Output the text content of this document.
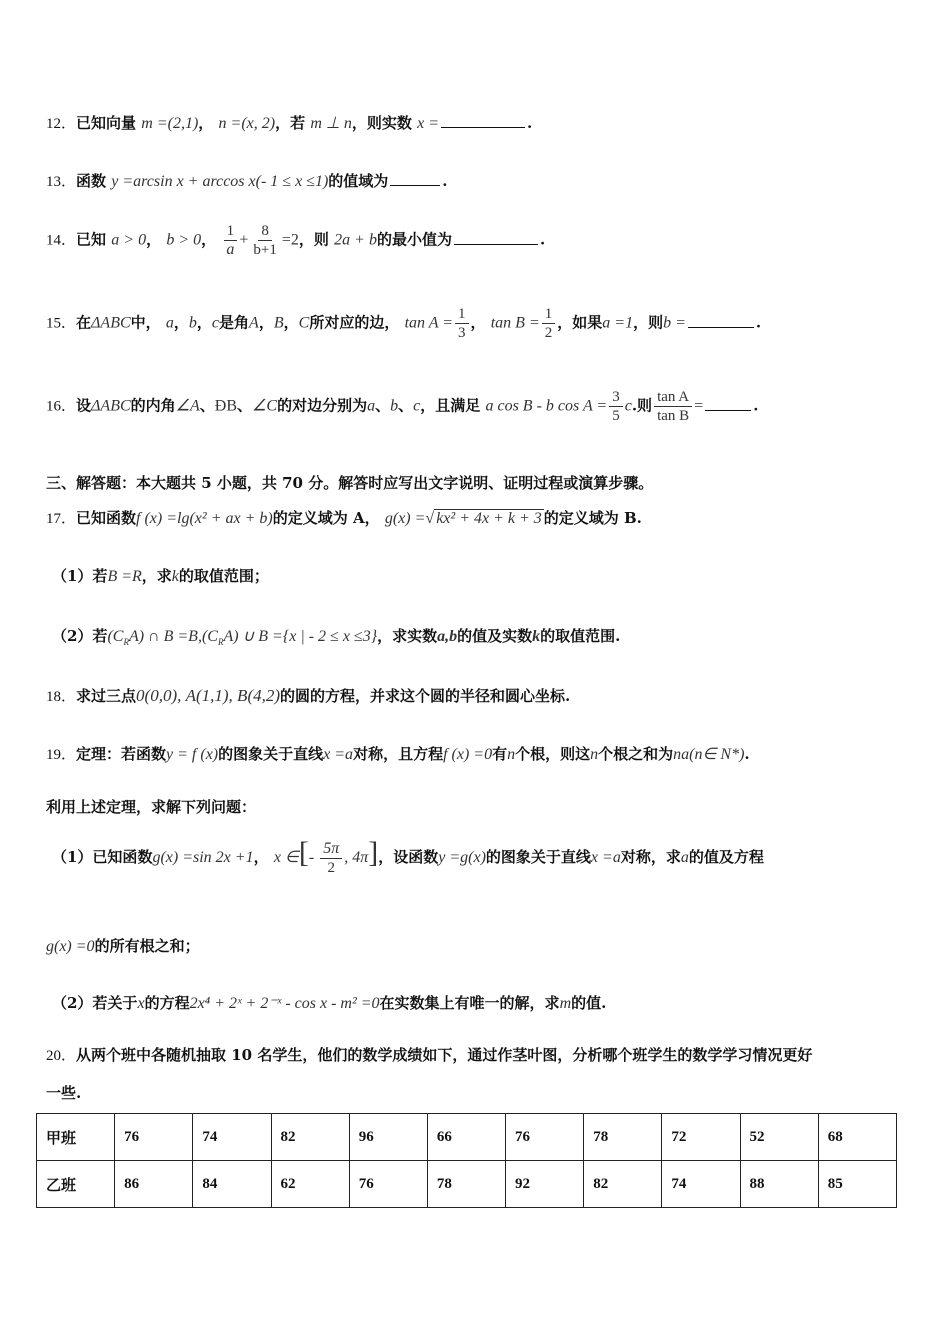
12．已知向量 m =(2,1)， n =(x, 2)，若 m ⊥ n，则实数 x =	.
13．函数 y =arcsin x + arccos x(- 1 ≤ x ≤1)的值域为	.
14．已知 a > 0， b > 0， $\frac{1}{a} + \frac{8}{b+1} =2$，则 2a + b的最小值为	.
15．在ΔABC中， a，b，c是角A，B，C所对应的边， $\tan A = \frac{1}{3}$ ， $\tan B = \frac{1}{2}$ ，如果a =1，则b =	.
16．设ΔABC的内角∠A、ÐB、∠C的对边分别为a、b、c，且满足 a cos B - b $\cos A = \frac{3}{5} c$.则 $\frac{\text{tan A}}{\text{tan B}}$ =	.
三、解答题：本大题共 5 小题，共 70 分。解答时应写出文字说明、证明过程或演算步骤。
17．已知函数f (x) =lg(x² + ax + b)的定义域为 A， g(x) =√ kx² + 4x + k + 3 的定义域为 B.
（1）若B =R，求k的取值范围；
（2）若$(C_RA)$ ∩ $B =B,(C_RA)$ ∪ B ={x | - 2 ≤ x ≤3}，求实数a,b的值及实数k的取值范围.
18．求过三点0(0,0), A(1,1), B(4,2)的圆的方程，并求这个圆的半径和圆心坐标.
19．定理：若函数y = f (x)的图象关于直线x =a对称，且方程f (x) =0有n个根，则这n个根之和为na(n∈ N*).
利用上述定理，求解下列问题：
（1）已知函数g(x) =sin 2x +1， x ∈[- $\frac{5\pi}{2}$ , 4π]，设函数y =g(x)的图象关于直线x =a对称，求a的值及方程
g(x) =0的所有根之和；
（2）若关于x的方程2x⁴ + 2ˣ + 2⁻ˣ - cos x - m² =0在实数集上有唯一的解，求m的值.
20．从两个班中各随机抽取 10 名学生，他们的数学成绩如下，通过作茎叶图，分析哪个班学生的数学学习情况更好
一些.
甲班	76	74	82	96	66	76	78	72	52	68
乙班	86	84	62	76	78	92	82	74	88	85
